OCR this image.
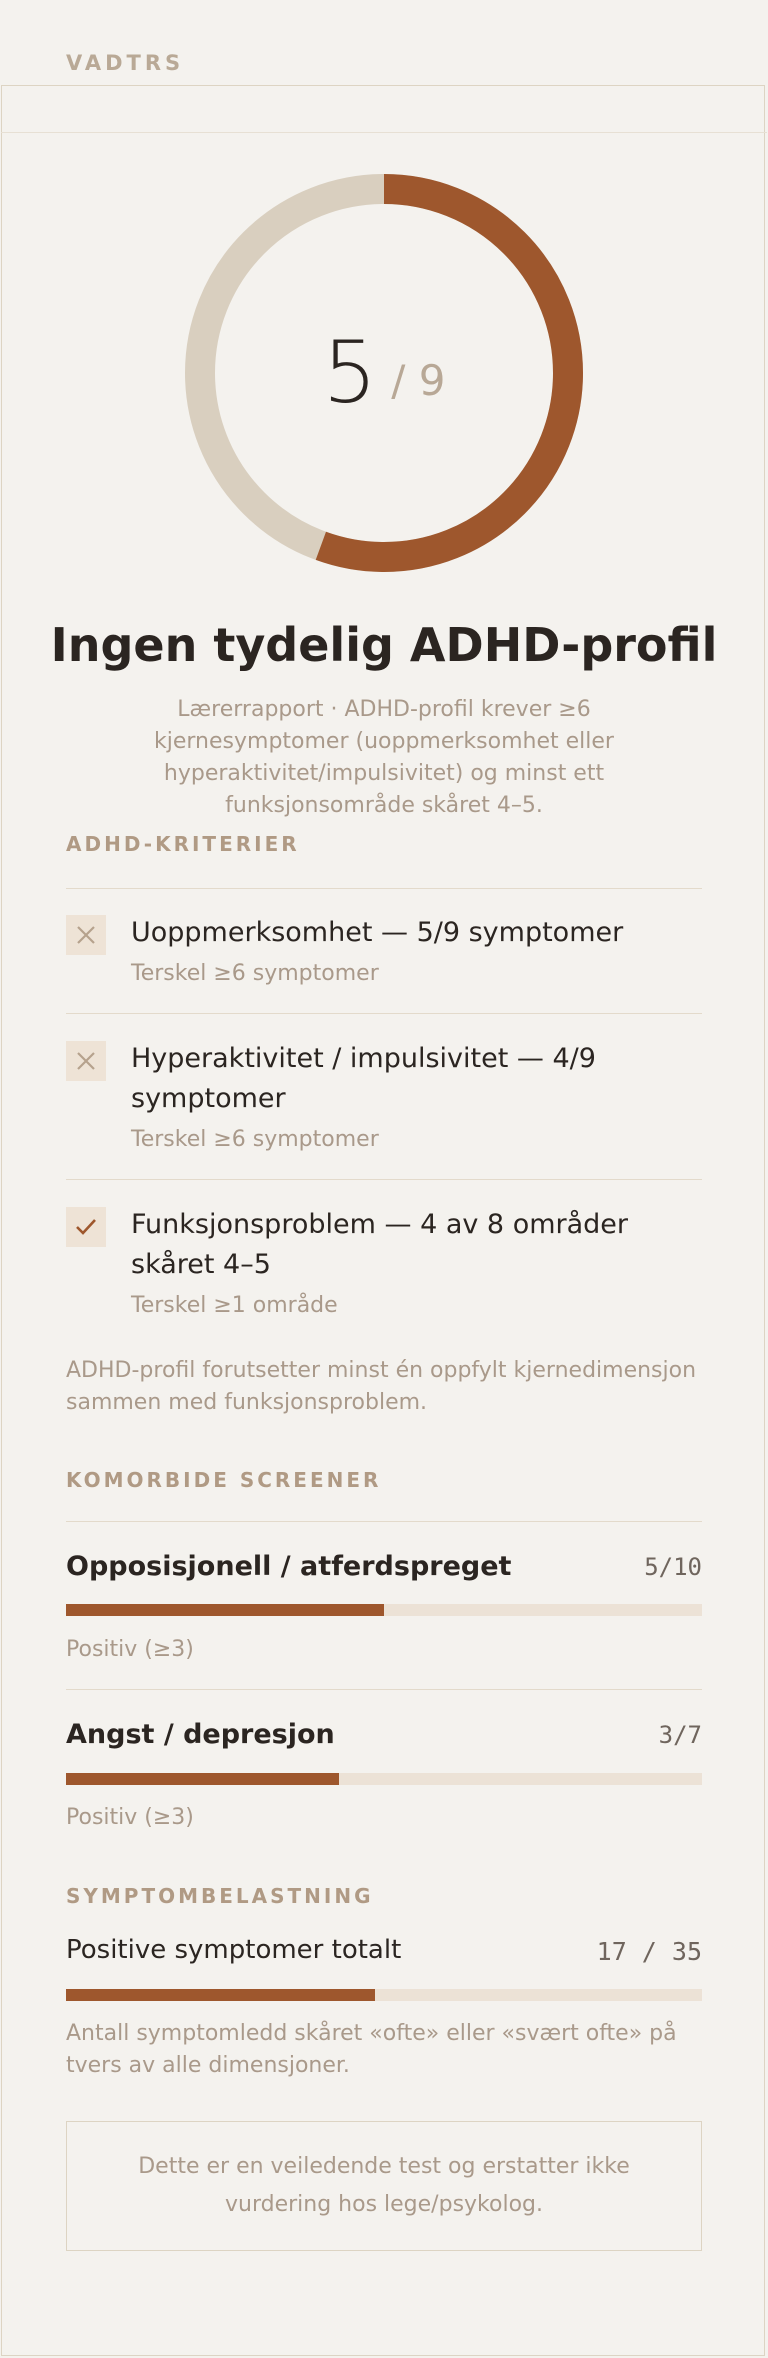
VADTRS
5 / 9
Ingen tydelig ADHD-profil
Lærerrapport · ADHD-profil krever ≥6 kjernesymptomer (uoppmerksomhet eller hyperaktivitet/impulsivitet) og minst ett funksjonsområde skåret 4–5.
ADHD-KRITERIER
Uoppmerksomhet — 5/9 symptomer
Terskel ≥6 symptomer
Hyperaktivitet / impulsivitet — 4/9 symptomer
Terskel ≥6 symptomer
Funksjonsproblem — 4 av 8 områder skåret 4–5
Terskel ≥1 område
ADHD-profil forutsetter minst én oppfylt kjernedimensjon sammen med funksjonsproblem.
KOMORBIDE SCREENER
Opposisjonell / atferdspreget	5/10
Positiv (≥3)
Angst / depresjon	3/7
Positiv (≥3)
SYMPTOMBELASTNING
Positive symptomer totalt	17 / 35
Antall symptomledd skåret «ofte» eller «svært ofte» på tvers av alle dimensjoner.
Dette er en veiledende test og erstatter ikke vurdering hos lege/psykolog.
